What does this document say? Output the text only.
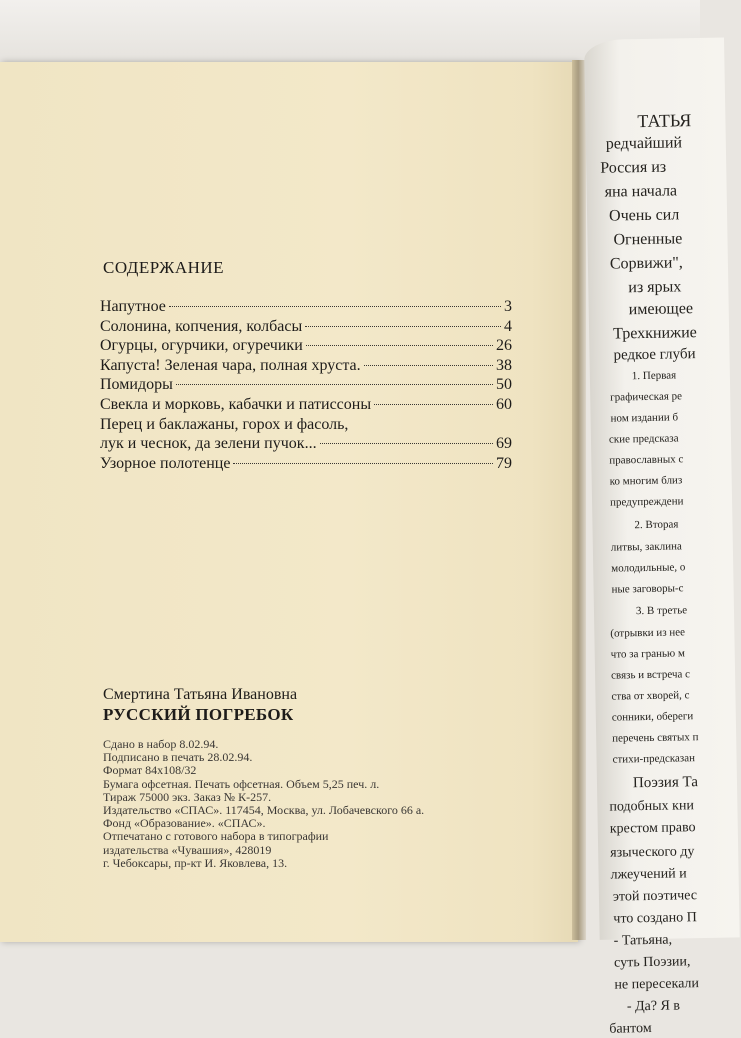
ТАТЬЯ
редчайший
Россия из
яна начала
Очень сил
Огненные
Сорвижи",
из ярых
имеющее
Трехкнижие
редкое глуби
1. Первая
графическая ре
ном издании б
ские предсказа
православных с
ко многим близ
предупреждени
2. Вторая
литвы, заклина
молодильные, о
ные заговоры-с
3. В третье
(отрывки из нее
что за гранью м
связь и встреча с
ства от хворей, с
сонники, обереги
перечень святых п
стихи-предсказан
Поэзия Та
подобных кни
крестом право
языческого ду
лжеучений и
этой поэтичес
что создано П
- Татьяна,
суть Поэзии,
не пересекали
- Да? Я в
бантом
СОДЕРЖАНИЕ
Напутное	3
Солонина, копчения, колбасы	4
Огурцы, огурчики, огуречики	26
Капуста! Зеленая чара, полная хруста.	38
Помидоры	50
Свекла и морковь, кабачки и патиссоны	60
Перец и баклажаны, горох и фасоль,
лук и чеснок, да зелени пучок...	69
Узорное полотенце	79
Смертина Татьяна Ивановна
РУССКИЙ ПОГРЕБОК
Сдано в набор 8.02.94.
Подписано в печать 28.02.94.
Формат 84х108/32
Бумага офсетная. Печать офсетная. Объем 5,25 печ. л.
Тираж 75000 экз. Заказ № К-257.
Издательство «СПАС». 117454, Москва, ул. Лобачевского 66 а.
Фонд «Образование». «СПАС».
Отпечатано с готового набора в типографии
издательства «Чувашия», 428019
г. Чебоксары, пр-кт И. Яковлева, 13.
